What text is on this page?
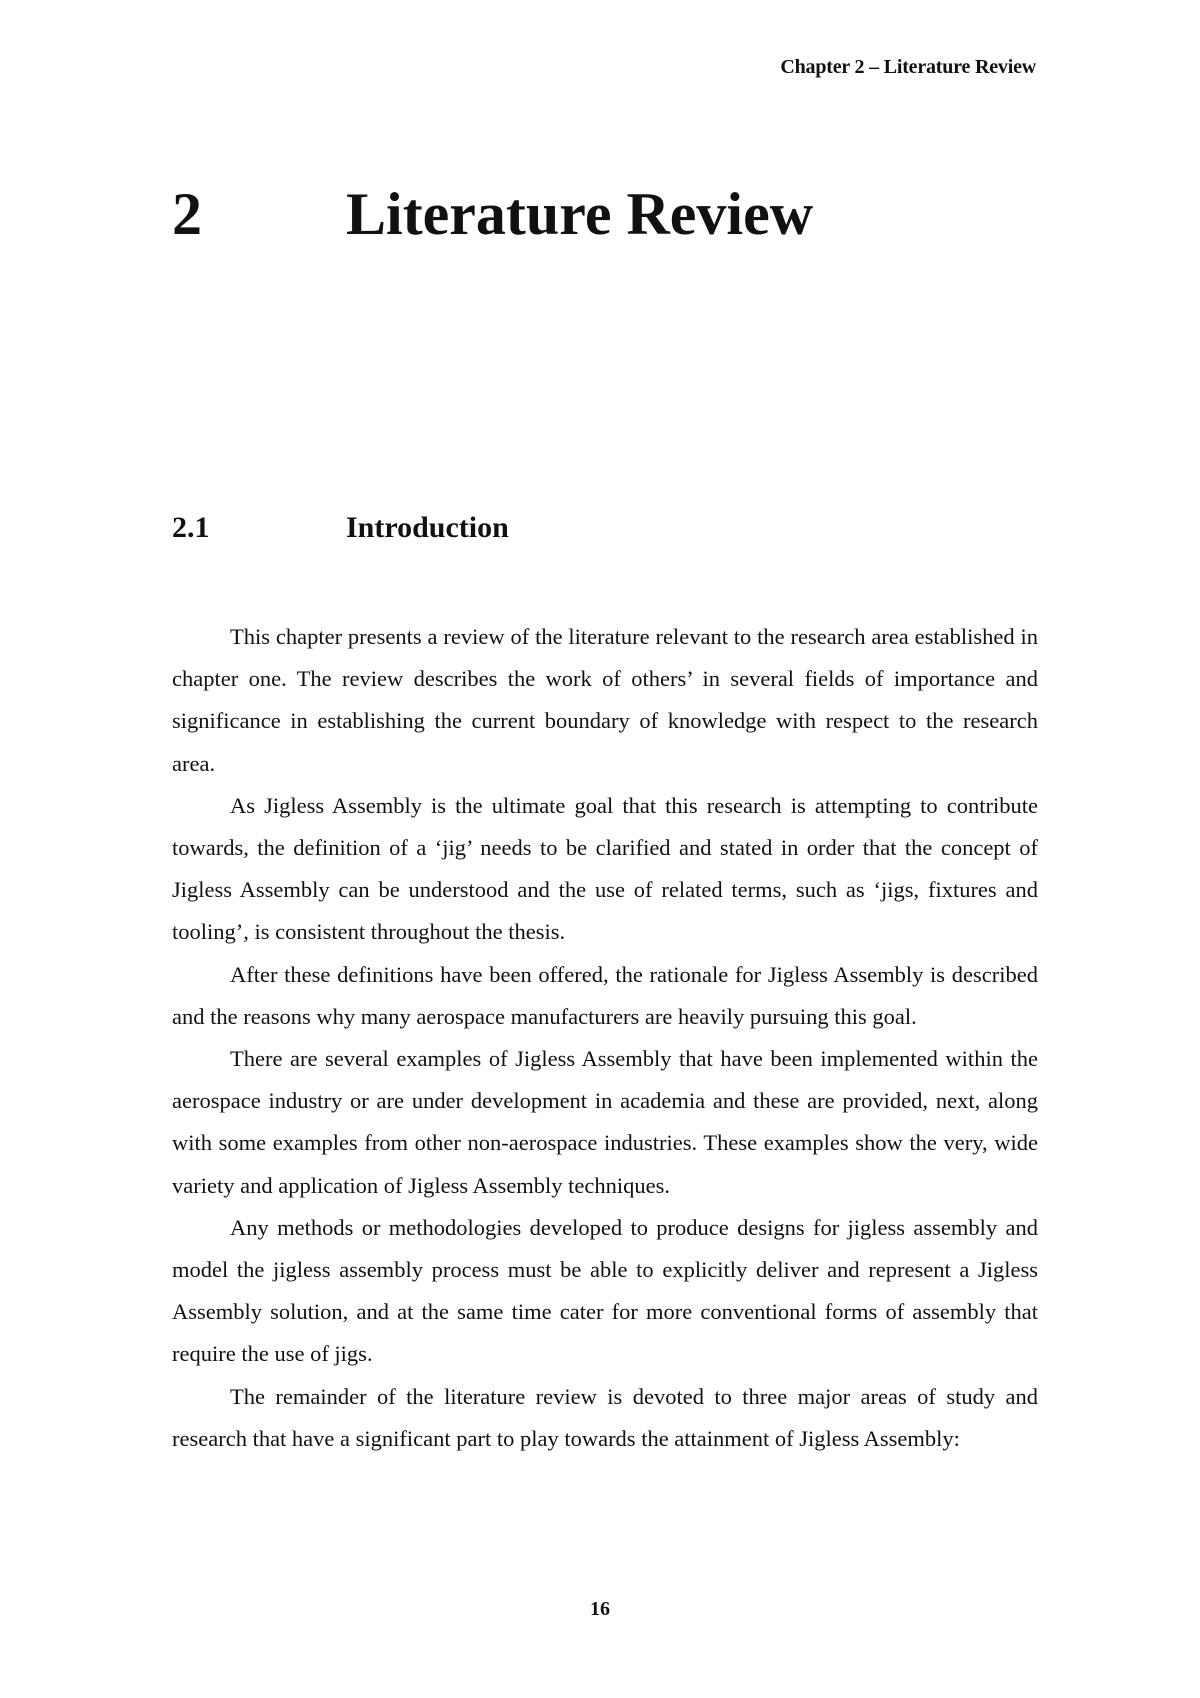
Chapter 2 – Literature Review
2 Literature Review
2.1	Introduction

This chapter presents a review of the literature relevant to the research area established in chapter one. The review describes the work of others’ in several fields of importance and significance in establishing the current boundary of knowledge with respect to the research area.

As Jigless Assembly is the ultimate goal that this research is attempting to contribute towards, the definition of a ‘jig’ needs to be clarified and stated in order that the concept of Jigless Assembly can be understood and the use of related terms, such as ‘jigs, fixtures and tooling’, is consistent throughout the thesis.

After these definitions have been offered, the rationale for Jigless Assembly is described and the reasons why many aerospace manufacturers are heavily pursuing this goal.

There are several examples of Jigless Assembly that have been implemented within the aerospace industry or are under development in academia and these are provided, next, along with some examples from other non-aerospace industries. These examples show the very, wide variety and application of Jigless Assembly techniques.

Any methods or methodologies developed to produce designs for jigless assembly and model the jigless assembly process must be able to explicitly deliver and represent a Jigless Assembly solution, and at the same time cater for more conventional forms of assembly that require the use of jigs.

The remainder of the literature review is devoted to three major areas of study and research that have a significant part to play towards the attainment of Jigless Assembly:

16
